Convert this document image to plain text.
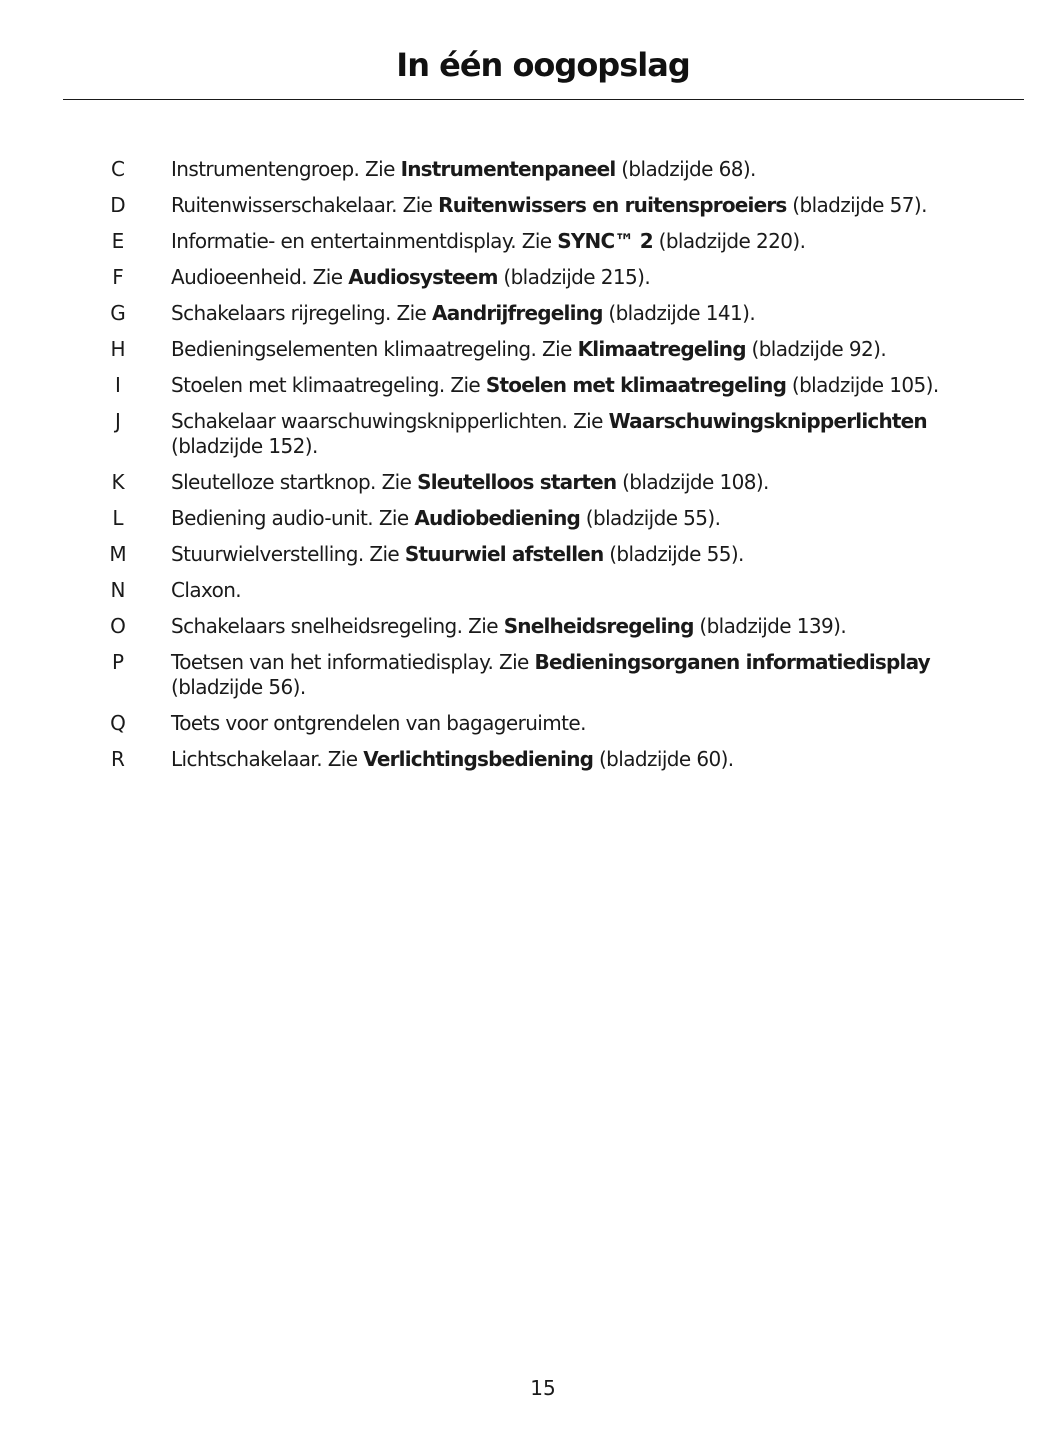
In één oogopslag
C	Instrumentengroep. Zie Instrumentenpaneel (bladzijde 68).
D	Ruitenwisserschakelaar. Zie Ruitenwissers en ruitensproeiers (bladzijde 57).
E	Informatie- en entertainmentdisplay. Zie SYNC™ 2 (bladzijde 220).
F	Audioeenheid. Zie Audiosysteem (bladzijde 215).
G	Schakelaars rijregeling. Zie Aandrijfregeling (bladzijde 141).
H	Bedieningselementen klimaatregeling. Zie Klimaatregeling (bladzijde 92).
I	Stoelen met klimaatregeling. Zie Stoelen met klimaatregeling (bladzijde 105).
J	Schakelaar waarschuwingsknipperlichten. Zie Waarschuwingsknipperlichten (bladzijde 152).
K	Sleutelloze startknop. Zie Sleutelloos starten (bladzijde 108).
L	Bediening audio-unit. Zie Audiobediening (bladzijde 55).
M	Stuurwielverstelling. Zie Stuurwiel afstellen (bladzijde 55).
N	Claxon.
O	Schakelaars snelheidsregeling. Zie Snelheidsregeling (bladzijde 139).
P	Toetsen van het informatiedisplay. Zie Bedieningsorganen informatiedisplay (bladzijde 56).
Q	Toets voor ontgrendelen van bagageruimte.
R	Lichtschakelaar. Zie Verlichtingsbediening (bladzijde 60).
15
